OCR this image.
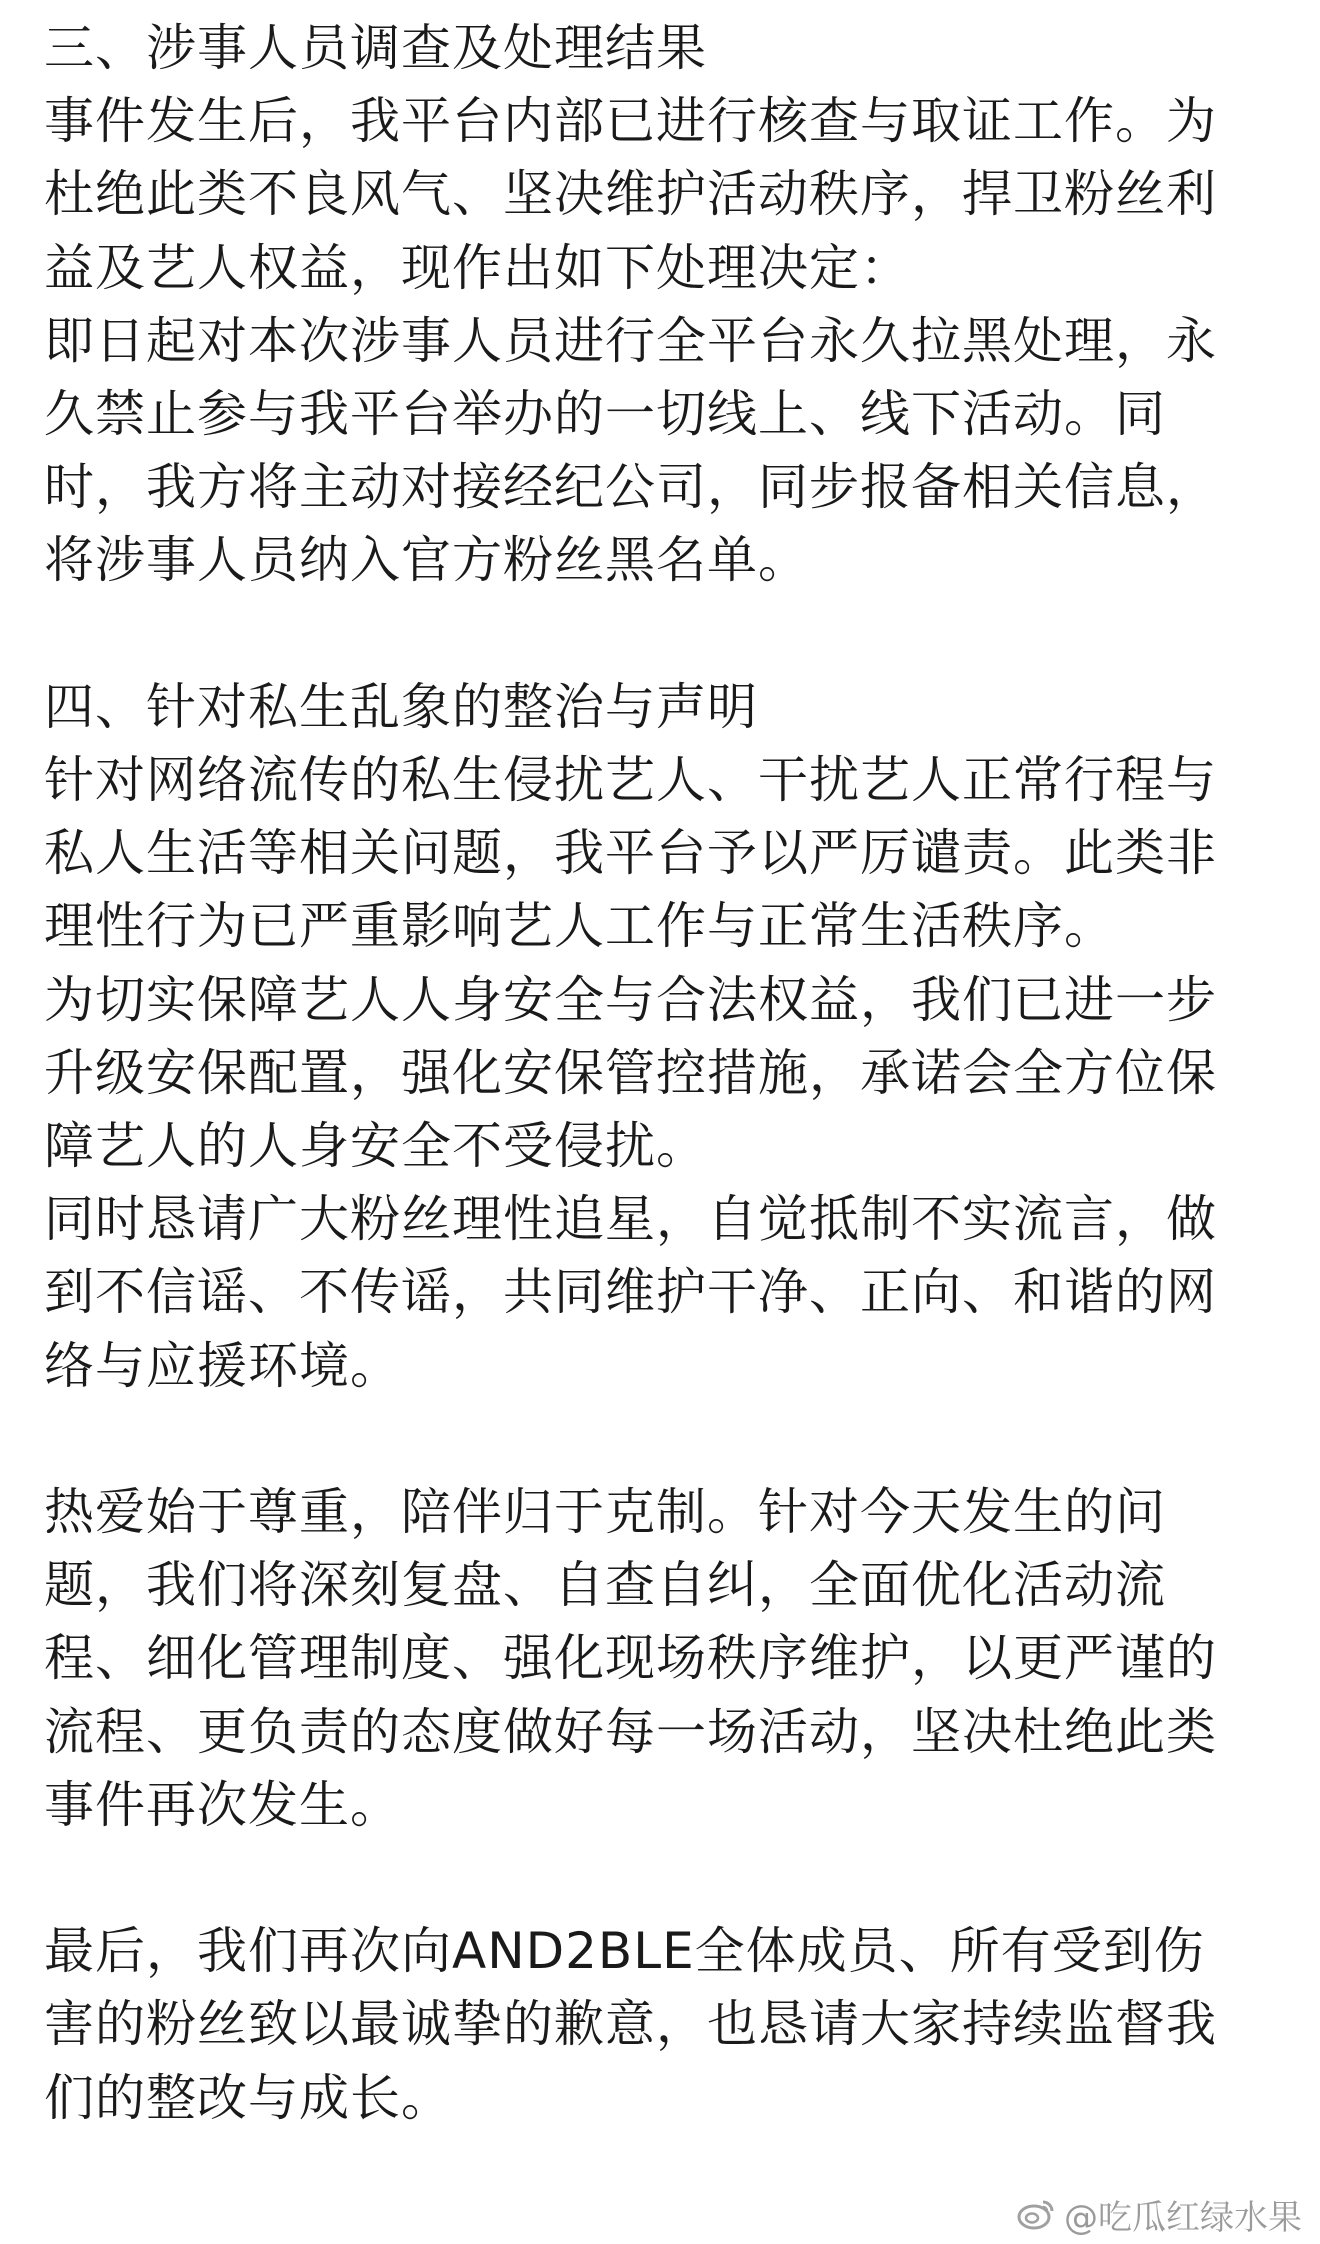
三、涉事人员调查及处理结果
事件发生后，我平台内部已进行核查与取证工作。为
杜绝此类不良风气、坚决维护活动秩序，捍卫粉丝利
益及艺人权益，现作出如下处理决定：
即日起对本次涉事人员进行全平台永久拉黑处理，永
久禁止参与我平台举办的一切线上、线下活动。同
时，我方将主动对接经纪公司，同步报备相关信息，
将涉事人员纳入官方粉丝黑名单。
四、针对私生乱象的整治与声明
针对网络流传的私生侵扰艺人、干扰艺人正常行程与
私人生活等相关问题，我平台予以严厉谴责。此类非
理性行为已严重影响艺人工作与正常生活秩序。
为切实保障艺人人身安全与合法权益，我们已进一步
升级安保配置，强化安保管控措施，承诺会全方位保
障艺人的人身安全不受侵扰。
同时恳请广大粉丝理性追星，自觉抵制不实流言，做
到不信谣、不传谣，共同维护干净、正向、和谐的网
络与应援环境。
热爱始于尊重，陪伴归于克制。针对今天发生的问
题，我们将深刻复盘、自查自纠，全面优化活动流
程、细化管理制度、强化现场秩序维护，以更严谨的
流程、更负责的态度做好每一场活动，坚决杜绝此类
事件再次发生。
最后，我们再次向AND2BLE全体成员、所有受到伤
害的粉丝致以最诚挚的歉意，也恳请大家持续监督我
们的整改与成长。
@吃瓜红绿水果
